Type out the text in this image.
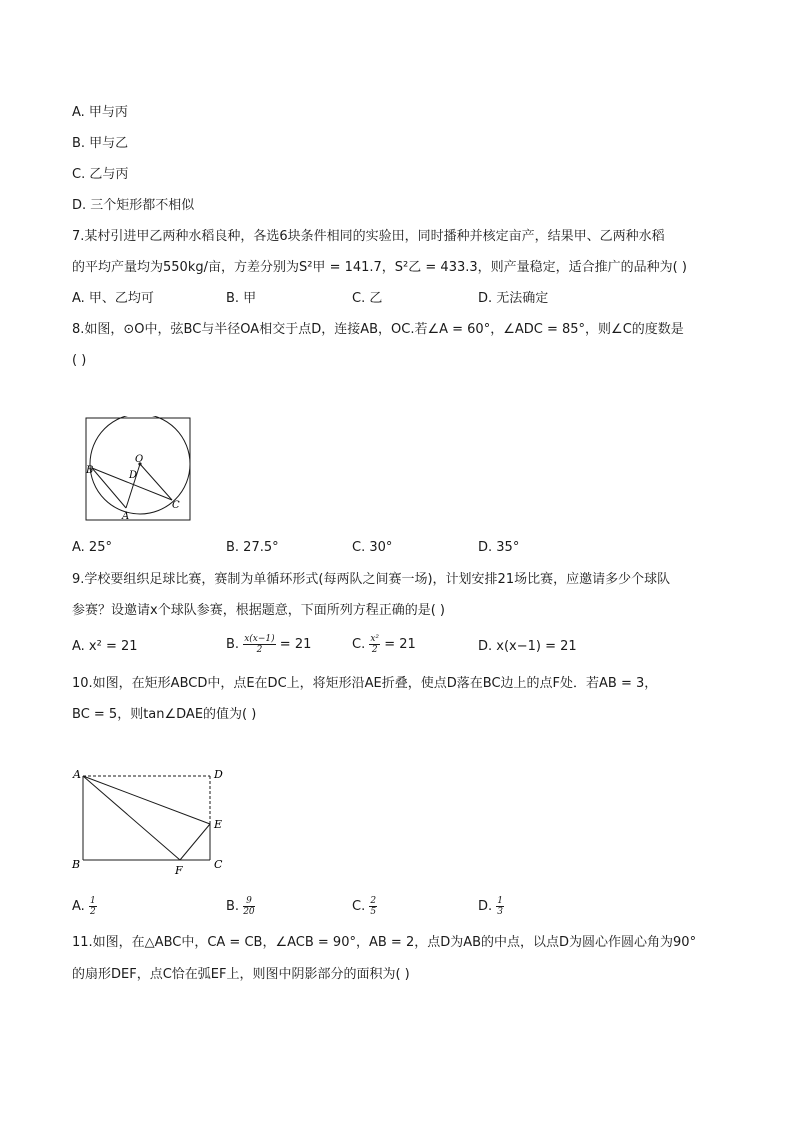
A. 甲与丙
B. 甲与乙
C. 乙与丙
D. 三个矩形都不相似
7.某村引进甲乙两种水稻良种，各选6块条件相同的实验田，同时播种并核定亩产，结果甲、乙两种水稻
的平均产量均为550kg/亩，方差分别为S²甲 = 141.7，S²乙 = 433.3，则产量稳定，适合推广的品种为( )
A. 甲、乙均可	B. 甲	C. 乙	D. 无法确定
8.如图，⊙O中，弦BC与半径OA相交于点D，连接AB，OC.若∠A = 60°，∠ADC = 85°，则∠C的度数是
( )
O
B	D
A
C
A. 25°	B. 27.5°	C. 30°	D. 35°
9.学校要组织足球比赛，赛制为单循环形式(每两队之间赛一场)，计划安排21场比赛，应邀请多少个球队
参赛？设邀请x个球队参赛，根据题意，下面所列方程正确的是( )
A. x² = 21	B. $\frac{x(x-1)}{2} = 21$	C. $\frac{\text{x²}}{2} = 21$	D. x(x−1) = 21
10.如图，在矩形ABCD中，点E在DC上，将矩形沿AE折叠，使点D落在BC边上的点F处．若AB = 3，
BC = 5，则tan∠DAE的值为( )
A	D
E
B	F	C
A. $\frac{1}{2}$	B. $\frac{9}{20}$	C. $\frac{2}{5}$	D. $\frac{1}{3}$
11.如图，在△ABC中，CA = CB，∠ACB = 90°，AB = 2，点D为AB的中点，以点D为圆心作圆心角为90°
的扇形DEF，点C恰在弧EF上，则图中阴影部分的面积为( )
